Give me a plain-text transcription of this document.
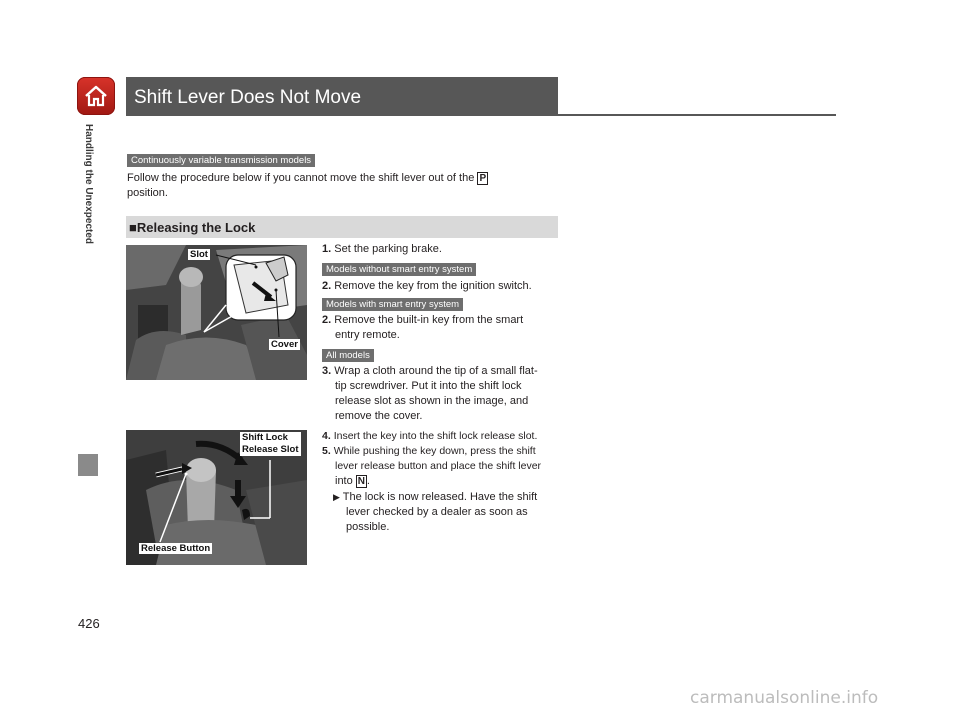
Handling the Unexpected
Shift Lever Does Not Move
Continuously variable transmission models
Follow the procedure below if you cannot move the shift lever out of the P
position.
■Releasing the Lock
Slot
Cover
Shift Lock
Release Slot
Release Button
1. Set the parking brake.
Models without smart entry system
2. Remove the key from the ignition switch.
Models with smart entry system
2. Remove the built-in key from the smart
entry remote.
All models
3. Wrap a cloth around the tip of a small flat-
tip screwdriver. Put it into the shift lock
release slot as shown in the image, and
remove the cover.
4. Insert the key into the shift lock release slot.
5. While pushing the key down, press the shift
lever release button and place the shift lever
into N .
▶ The lock is now released. Have the shift
lever checked by a dealer as soon as
possible.
426
carmanualsonline.info
